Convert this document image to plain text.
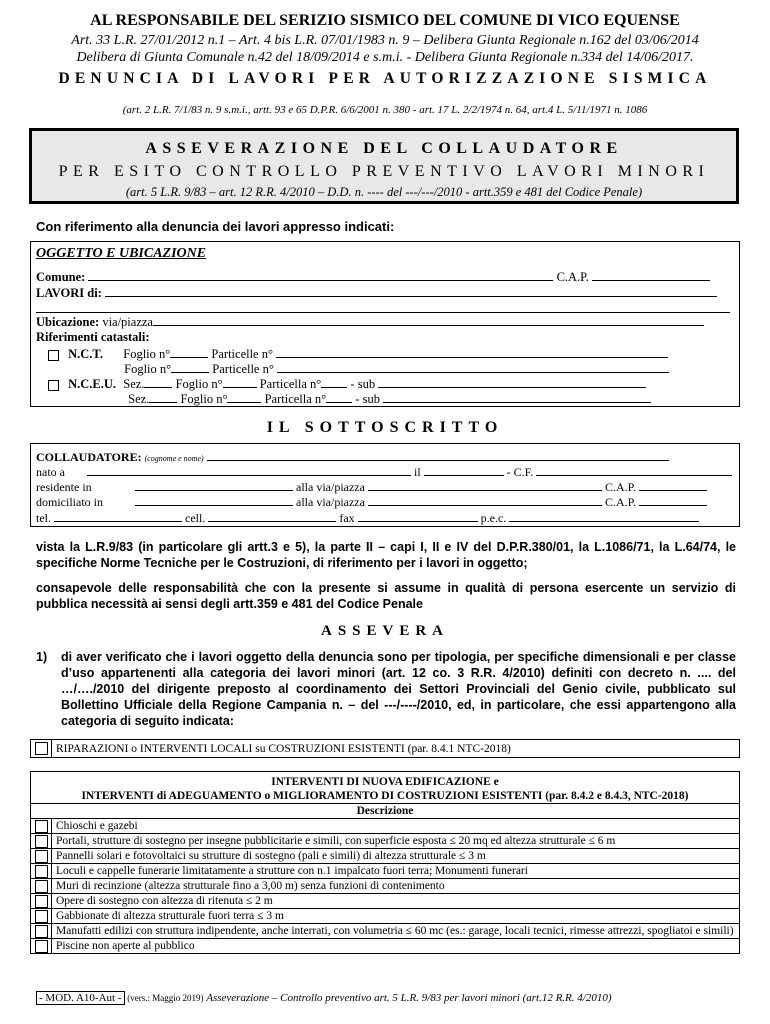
AL RESPONSABILE DEL SERIZIO SISMICO DEL COMUNE DI VICO EQUENSE
Art. 33 L.R. 27/01/2012 n.1 – Art. 4 bis L.R. 07/01/1983 n. 9 – Delibera Giunta Regionale n.162 del 03/06/2014
Delibera di Giunta Comunale n.42 del 18/09/2014 e s.m.i. - Delibera Giunta Regionale n.334 del 14/06/2017.
DENUNCIA DI LAVORI PER AUTORIZZAZIONE SISMICA
(art. 2 L.R. 7/1/83 n. 9 s.m.i., artt. 93 e 65 D.P.R. 6/6/2001 n. 380 - art. 17 L. 2/2/1974 n. 64, art.4 L. 5/11/1971 n. 1086
ASSEVERAZIONE DEL COLLAUDATORE
PER ESITO CONTROLLO PREVENTIVO LAVORI MINORI
(art. 5 L.R. 9/83 – art. 12 R.R. 4/2010 – D.D. n. ---- del ---/---/2010 - artt.359 e 481 del Codice Penale)
Con riferimento alla denuncia dei lavori appresso indicati:
OGGETTO E UBICAZIONE
Comune:	C.A.P.
LAVORI di:
Ubicazione: via/piazza
Riferimenti catastali:
N.C.T. Foglio n°	Particelle n°
Foglio n°	Particelle n°
N.C.E.U. Sez. Foglio n°	Particella n° - sub
Sez. Foglio n°	Particella n° - sub
IL SOTTOSCRITTO
COLLAUDATORE: (cognome e nome)
nato a	il	- C.F.
residente in	alla via/piazza	C.A.P.
domiciliato in	alla via/piazza	C.A.P.
tel.	cell.	fax	p.e.c.
vista la L.R.9/83 (in particolare gli artt.3 e 5), la parte II – capi I, II e IV del D.P.R.380/01, la L.1086/71, la L.64/74, le specifiche Norme Tecniche per le Costruzioni, di riferimento per i lavori in oggetto;
consapevole delle responsabilità che con la presente si assume in qualità di persona esercente un servizio di pubblica necessità ai sensi degli artt.359 e 481 del Codice Penale
ASSEVERA
1) di aver verificato che i lavori oggetto della denuncia sono per tipologia, per specifiche dimensionali e per classe d’uso appartenenti alla categoria dei lavori minori (art. 12 co. 3 R.R. 4/2010) definiti con decreto n. .... del …/…./2010 del dirigente preposto al coordinamento dei Settori Provinciali del Genio civile, pubblicato sul Bollettino Ufficiale della Regione Campania n. – del ---/----/2010, ed, in particolare, che essi appartengono alla categoria di seguito indicata:
	RIPARAZIONI o INTERVENTI LOCALI su COSTRUZIONI ESISTENTI (par. 8.4.1 NTC-2018)
INTERVENTI DI NUOVA EDIFICAZIONE e
INTERVENTI di ADEGUAMENTO o MIGLIORAMENTO DI COSTRUZIONI ESISTENTI (par. 8.4.2 e 8.4.3, NTC-2018)	

Descrizione	
	Chioschi e gazebi
	Portali, strutture di sostegno per insegne pubblicitarie e simili, con superficie esposta ≤ 20 mq ed altezza strutturale ≤ 6 m
	Pannelli solari e fotovoltaici su strutture di sostegno (pali e simili) di altezza strutturale ≤ 3 m
	Loculi e cappelle funerarie limitatamente a strutture con n.1 impalcato fuori terra; Monumenti funerari
	Muri di recinzione (altezza strutturale fino a 3,00 m) senza funzioni di contenimento
	Opere di sostegno con altezza di ritenuta ≤ 2 m
	Gabbionate di altezza strutturale fuori terra ≤ 3 m
	Manufatti edilizi con struttura indipendente, anche interrati, con volumetria ≤ 60 mc (es.: garage, locali tecnici, rimesse attrezzi, spogliatoi e simili)
	Piscine non aperte al pubblico
- MOD. A10-Aut - (vers.: Maggio 2019) Asseverazione – Controllo preventivo art. 5 L.R. 9/83 per lavori minori (art.12 R.R. 4/2010)
